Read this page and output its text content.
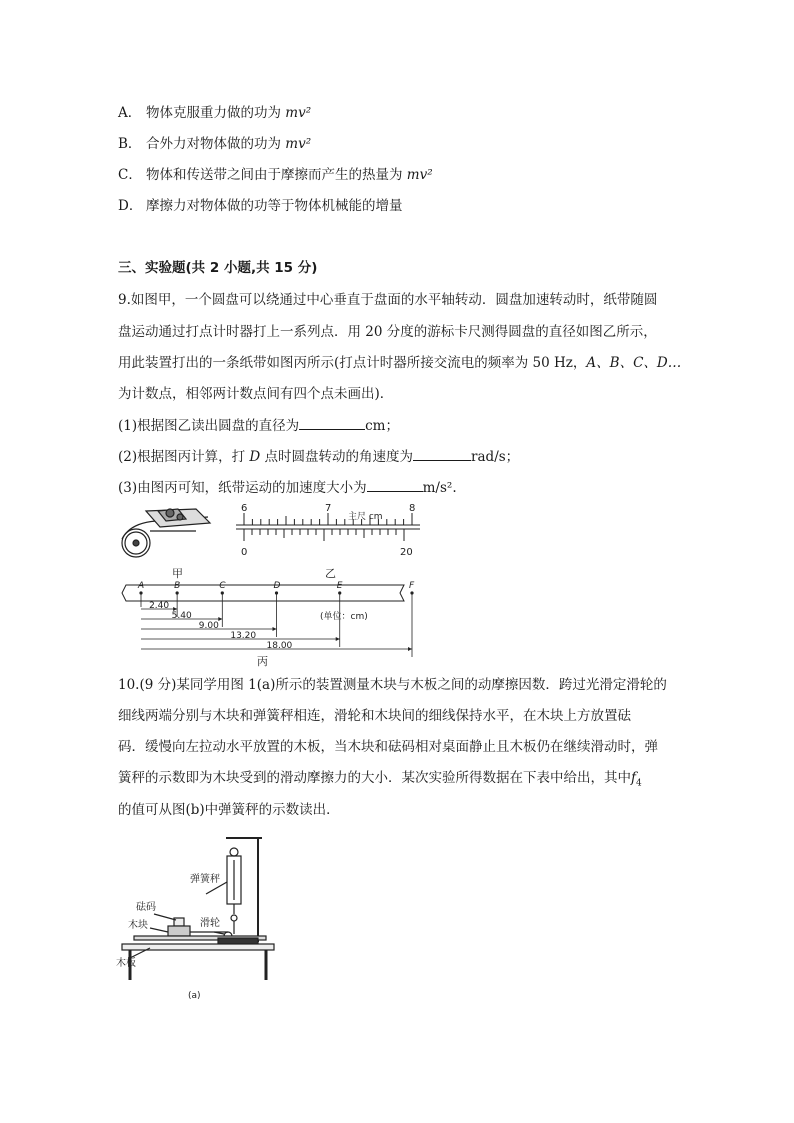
A． 物体克服重力做的功为 mv²
B． 合外力对物体做的功为 mv²
C． 物体和传送带之间由于摩擦而产生的热量为 mv²
D． 摩擦力对物体做的功等于物体机械能的增量
三、实验题(共 2 小题,共 15 分)
9.如图甲，一个圆盘可以绕通过中心垂直于盘面的水平轴转动．圆盘加速转动时，纸带随圆
盘运动通过打点计时器打上一系列点．用 20 分度的游标卡尺测得圆盘的直径如图乙所示，
用此装置打出的一条纸带如图丙所示(打点计时器所接交流电的频率为 50 Hz，A、B、C、D…
为计数点，相邻两计数点间有四个点未画出)．
(1)根据图乙读出圆盘的直径为	cm；
(2)根据图丙计算，打 D 点时圆盘转动的角速度为	rad/s；
(3)由图丙可知，纸带运动的加速度大小为	m/s².
甲
6	7	8
主尺 cm
0	20
乙
A	B	C	D	E	F
2.40
5.40
9.00
13.20
18.00
(单位：cm)
丙
10.(9 分)某同学用图 1(a)所示的装置测量木块与木板之间的动摩擦因数．跨过光滑定滑轮的
细线两端分别与木块和弹簧秤相连，滑轮和木块间的细线保持水平，在木块上方放置砝
码．缓慢向左拉动水平放置的木板，当木块和砝码相对桌面静止且木板仍在继续滑动时，弹
簧秤的示数即为木块受到的滑动摩擦力的大小．某次实验所得数据在下表中给出，其中$f_4$
的值可从图(b)中弹簧秤的示数读出．
弹簧秤
砝码
滑轮
木块
木板
(a)
